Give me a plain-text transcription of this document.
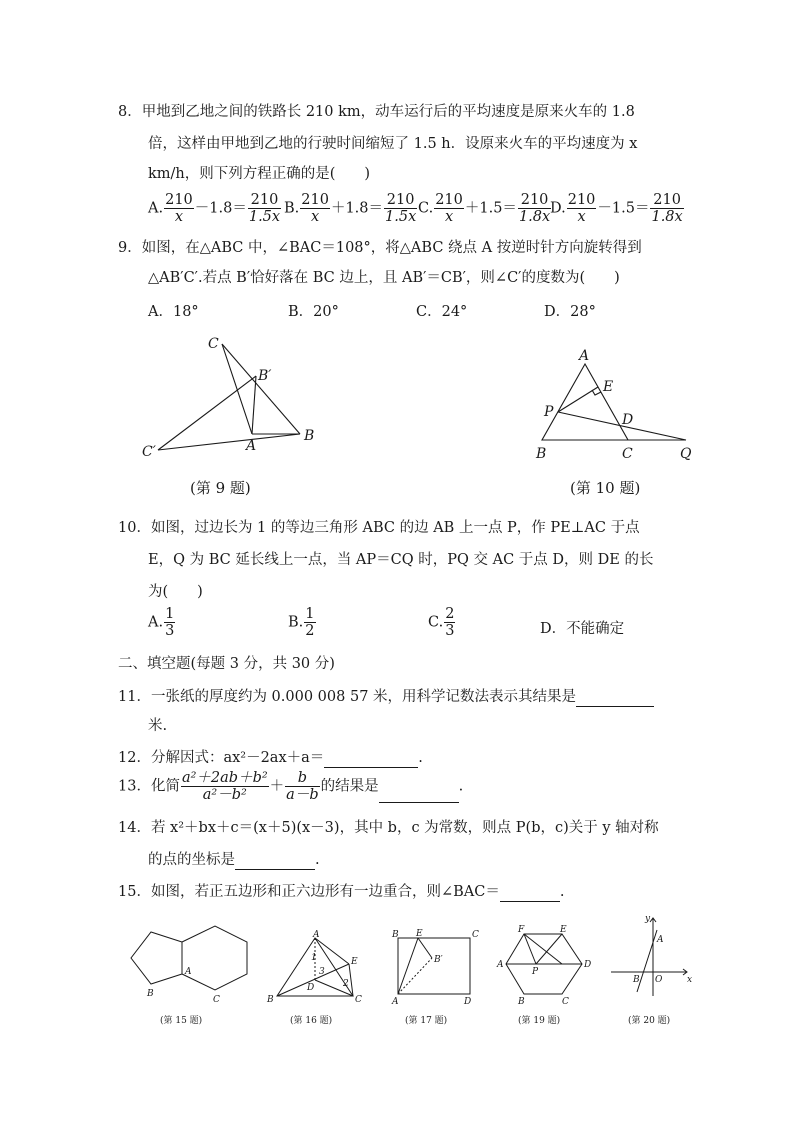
8．甲地到乙地之间的铁路长 210 km，动车运行后的平均速度是原来火车的 1.8
倍，这样由甲地到乙地的行驶时间缩短了 1.5 h．设原来火车的平均速度为 x
km/h，则下列方程正确的是(　　)
A. $\frac{210}{x} -1.8= \frac{210}{1.5x} B$. $\frac{210}{x} +1.8= \frac{210}{1.5x} C$. $\frac{210}{x} +1.5= \frac{210}{1.8x}$
D. $\frac{210}{x} -1.5= \frac{210}{1.8x}$
9．如图，在△ABC 中，∠BAC＝108°，将△ABC 绕点 A 按逆时针方向旋转得到
△AB′C′.若点 B′恰好落在 BC 边上，且 AB′＝CB′，则∠C′的度数为(　　)
A．18°	B．20°	C．24°	D．28°
C
B′
C′	A
B
(第 9 题)
A
E
P	D
B	C	Q
(第 10 题)
10．如图，过边长为 1 的等边三角形 ABC 的边 AB 上一点 P，作 PE⊥AC 于点
E，Q 为 BC 延长线上一点，当 AP＝CQ 时，PQ 交 AC 于点 D，则 DE 的长
为(　　)
A. $\frac{1}{3}$	B. $\frac{1}{2}$	C. $\frac{2}{3}$	D．不能确定
二、填空题(每题 3 分，共 30 分)
11．一张纸的厚度约为 0.000 008 57 米，用科学记数法表示其结果是
米.
12．分解因式：ax²－2ax＋a＝	.
13．化简 $\frac{\text{a²＋2ab＋b²}}{\text{a²－b²}} + \frac{b}{a-b}$ 的结果是	.
14．若 x²＋bx＋c＝(x＋5)(x－3)，其中 b，c 为常数，则点 P(b，c)关于 y 轴对称
的点的坐标是	.
15．如图，若正五边形和正六边形有一边重合，则∠BAC＝	.
A
B
C
(第 15 题)
A
E
B
D
C
1
2
3
(第 16 题)
B E	C
B′
A	D
(第 17 题)
F	E
A
P
D
B	C
(第 19 题)
y
A
B O	x
(第 20 题)
